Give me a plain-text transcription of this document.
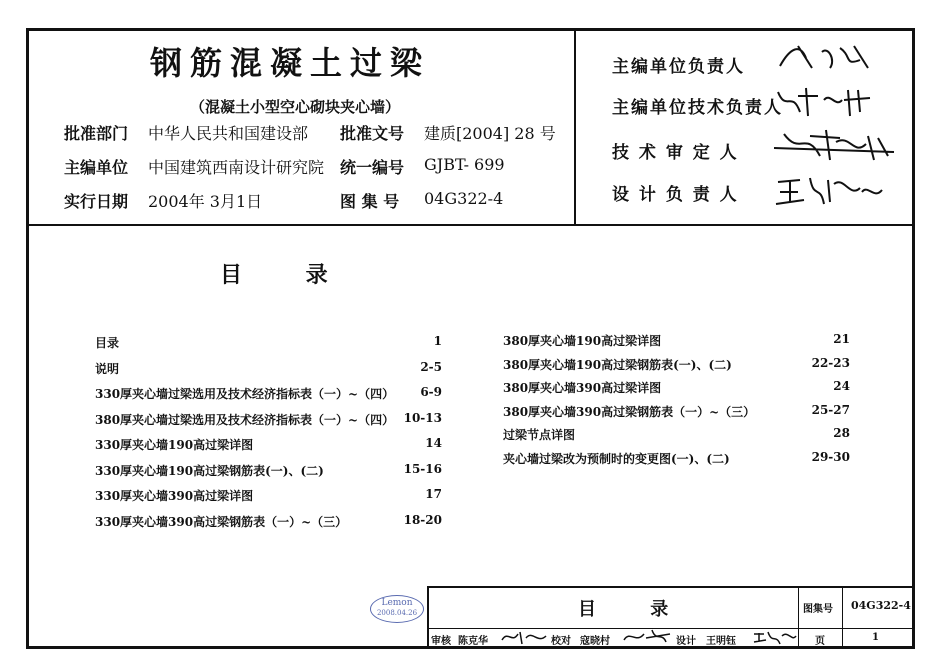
钢筋混凝土过梁
（混凝土小型空心砌块夹心墙）
批准部门 中华人民共和国建设部 批准文号 建质[2004] 28 号
主编单位 中国建筑西南设计研究院 统一编号 GJBT- 699
实行日期 2004年 3月1日	图 集 号 04G322-4
主编单位负责人
主编单位技术负责人
技 术 审 定 人
设 计 负 责 人
目 录
目录	1
说明	2-5
330厚夹心墙过梁选用及技术经济指标表（一）~（四）	6-9
380厚夹心墙过梁选用及技术经济指标表（一）~（四） 10-13
330厚夹心墙190高过梁详图	14
330厚夹心墙190高过梁钢筋表(一)、(二)	15-16
330厚夹心墙390高过梁详图	17
330厚夹心墙390高过梁钢筋表（一）~（三）	18-20
380厚夹心墙190高过梁详图	21
380厚夹心墙190高过梁钢筋表(一)、(二)	22-23
380厚夹心墙390高过梁详图	24
380厚夹心墙390高过梁钢筋表（一）~（三）	25-27
过梁节点详图	28
夹心墙过梁改为预制时的变更图(一)、(二)	29-30
Lemon
2008.04.26	目 录	图集号 04G322-4
审核 陈克华	校对 寇晓村	设计 王明钰	页	1
